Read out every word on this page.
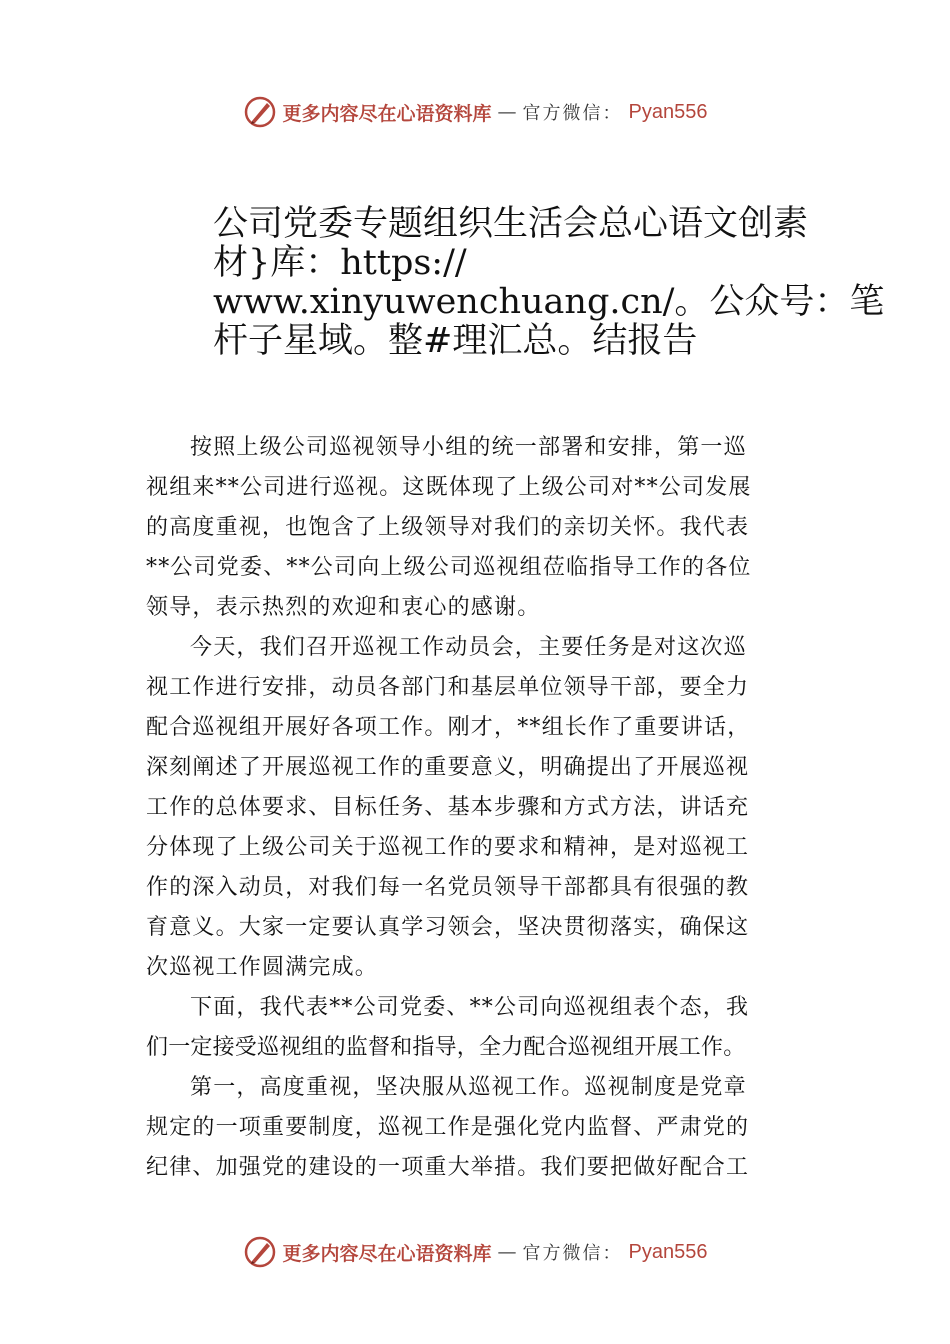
更多内容尽在心语资料库 — 官方微信： Pyan556
公司党委专题组织生活会总心语文创素
材}库：https://
www.xinyuwenchuang.cn/。公众号：笔
杆子星域。整#理汇总。结报告

按照上级公司巡视领导小组的统一部署和安排，第一巡

视组来**公司进行巡视。这既体现了上级公司对**公司发展

的高度重视，也饱含了上级领导对我们的亲切关怀。我代表

**公司党委、**公司向上级公司巡视组莅临指导工作的各位

领导，表示热烈的欢迎和衷心的感谢。

今天，我们召开巡视工作动员会，主要任务是对这次巡

视工作进行安排，动员各部门和基层单位领导干部，要全力

配合巡视组开展好各项工作。刚才，**组长作了重要讲话，

深刻阐述了开展巡视工作的重要意义，明确提出了开展巡视

工作的总体要求、目标任务、基本步骤和方式方法，讲话充

分体现了上级公司关于巡视工作的要求和精神，是对巡视工

作的深入动员，对我们每一名党员领导干部都具有很强的教

育意义。大家一定要认真学习领会，坚决贯彻落实，确保这

次巡视工作圆满完成。

下面，我代表**公司党委、**公司向巡视组表个态，我

们一定接受巡视组的监督和指导，全力配合巡视组开展工作。

第一，高度重视，坚决服从巡视工作。巡视制度是党章

规定的一项重要制度，巡视工作是强化党内监督、严肃党的

纪律、加强党的建设的一项重大举措。我们要把做好配合工

更多内容尽在心语资料库 — 官方微信： Pyan556
